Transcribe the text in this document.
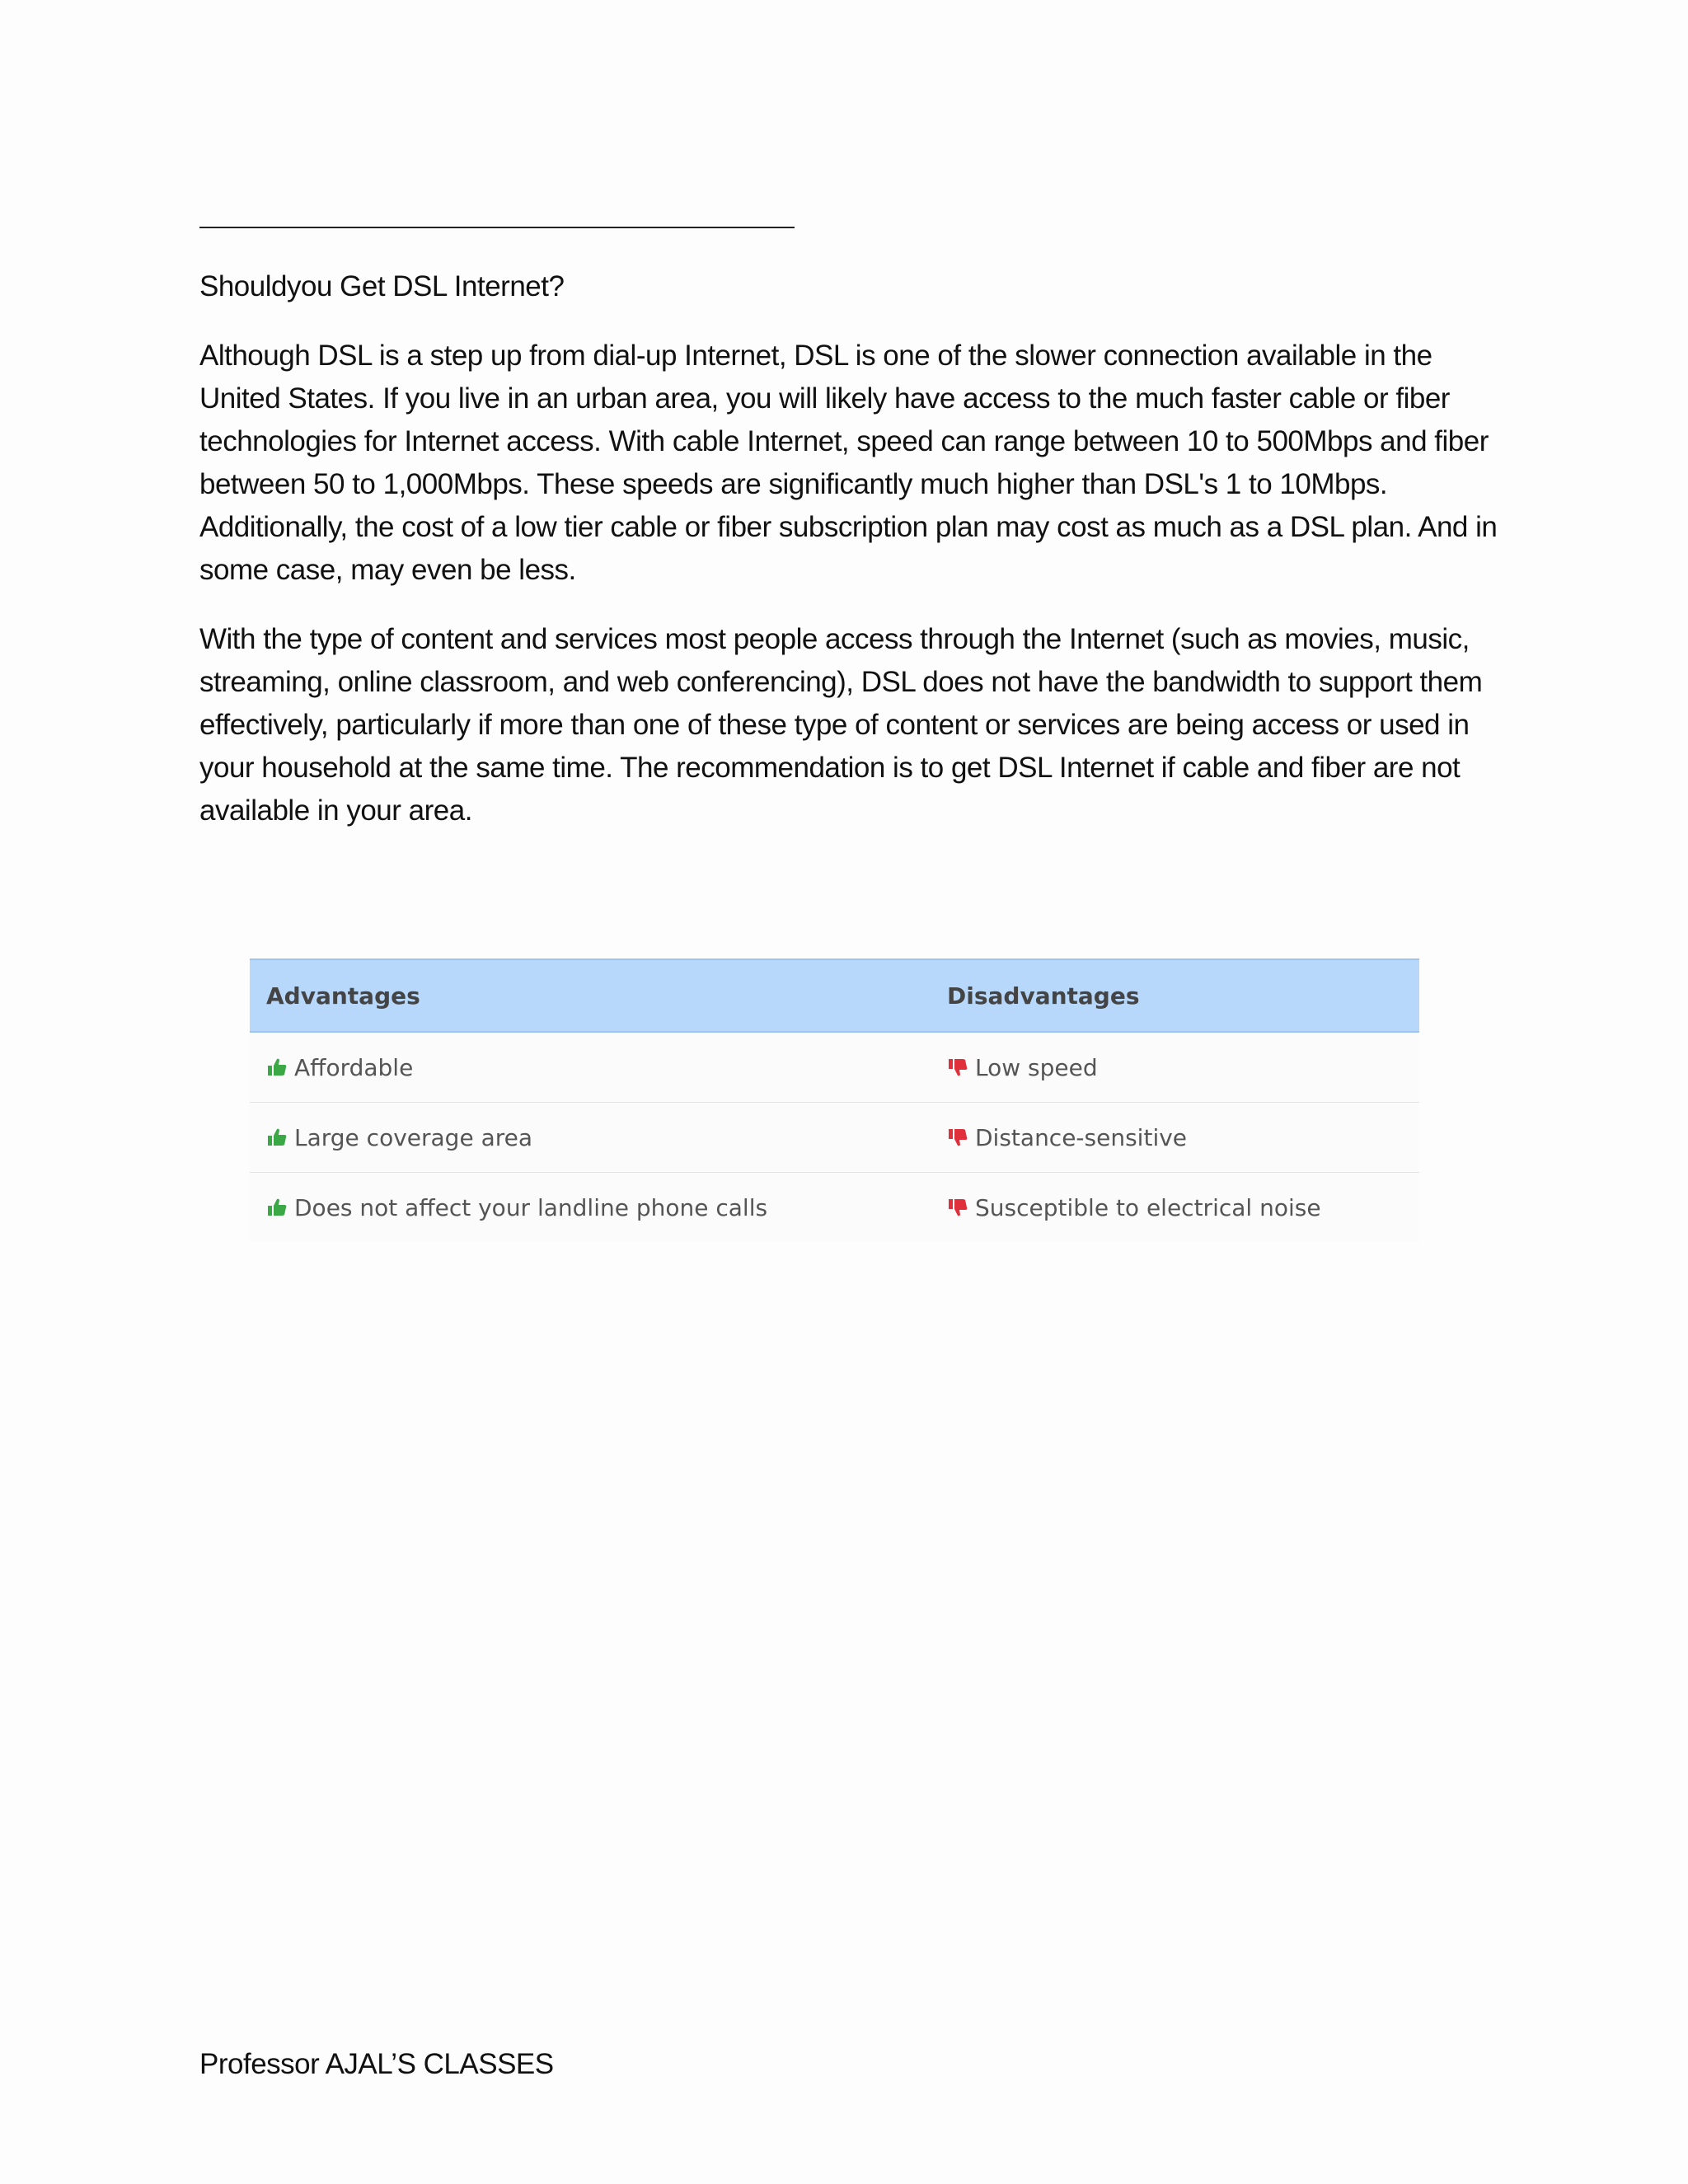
Shouldyou Get DSL Internet?

Although DSL is a step up from dial-up Internet, DSL is one of the slower connection available in the United States. If you live in an urban area, you will likely have access to the much faster cable or fiber technologies for Internet access. With cable Internet, speed can range between 10 to 500Mbps and fiber between 50 to 1,000Mbps. These speeds are significantly much higher than DSL's 1 to 10Mbps. Additionally, the cost of a low tier cable or fiber subscription plan may cost as much as a DSL plan. And in some case, may even be less.

With the type of content and services most people access through the Internet (such as movies, music, streaming, online classroom, and web conferencing), DSL does not have the bandwidth to support them effectively, particularly if more than one of these type of content or services are being access or used in your household at the same time. The recommendation is to get DSL Internet if cable and fiber are not available in your area.

Advantages	Disadvantages
Affordable	Low speed
Large coverage area	Distance-sensitive
Does not affect your landline phone calls	Susceptible to electrical noise
Professor AJAL’S CLASSES
